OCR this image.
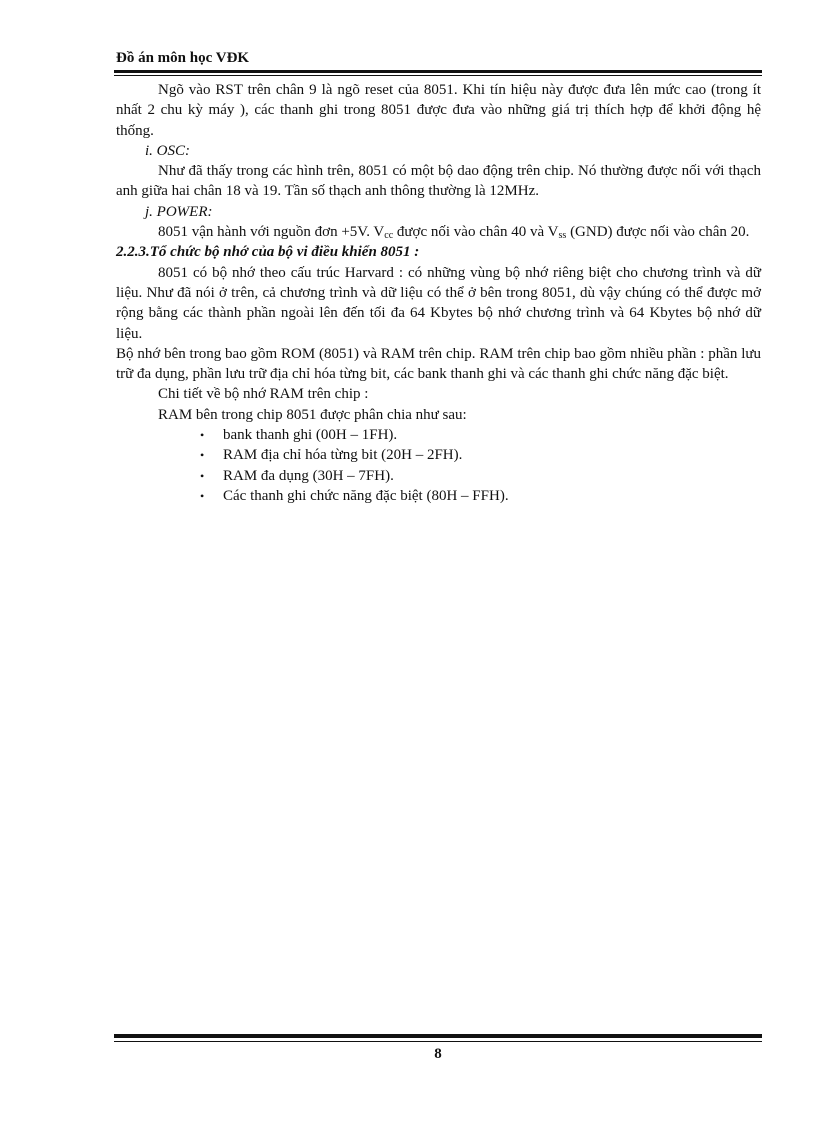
Đồ án môn học VĐK

Ngõ vào RST trên chân 9 là ngõ reset của 8051. Khi tín hiệu này được đưa lên mức cao (trong ít nhất 2 chu kỳ máy ), các thanh ghi trong 8051 được đưa vào những giá trị thích hợp để khởi động hệ thống.

i. OSC:

Như đã thấy trong các hình trên, 8051 có một bộ dao động trên chip. Nó thường được nối với thạch anh giữa hai chân 18 và 19. Tần số thạch anh thông thường là 12MHz.

j. POWER:

8051 vận hành với nguồn đơn +5V. $V_{cc}$ được nối vào chân 40 và $V_{ss}$ (GND) được nối vào chân 20.

2.2.3.Tổ chức bộ nhớ của bộ vi điều khiển 8051 :

8051 có bộ nhớ theo cấu trúc Harvard : có những vùng bộ nhớ riêng biệt cho chương trình và dữ liệu. Như đã nói ở trên, cả chương trình và dữ liệu có thể ở bên trong 8051, dù vậy chúng có thể được mở rộng bằng các thành phần ngoài lên đến tối đa 64 Kbytes bộ nhớ chương trình và 64 Kbytes bộ nhớ dữ liệu.

Bộ nhớ bên trong bao gồm ROM (8051) và RAM trên chip. RAM trên chip bao gồm nhiều phần : phần lưu trữ đa dụng, phần lưu trữ địa chỉ hóa từng bit, các bank thanh ghi và các thanh ghi chức năng đặc biệt.

Chi tiết về bộ nhớ RAM trên chip :

RAM bên trong chip 8051 được phân chia như sau:

• bank thanh ghi (00H – 1FH).
• RAM địa chỉ hóa từng bit (20H – 2FH).
• RAM đa dụng (30H – 7FH).
• Các thanh ghi chức năng đặc biệt (80H – FFH).
8
